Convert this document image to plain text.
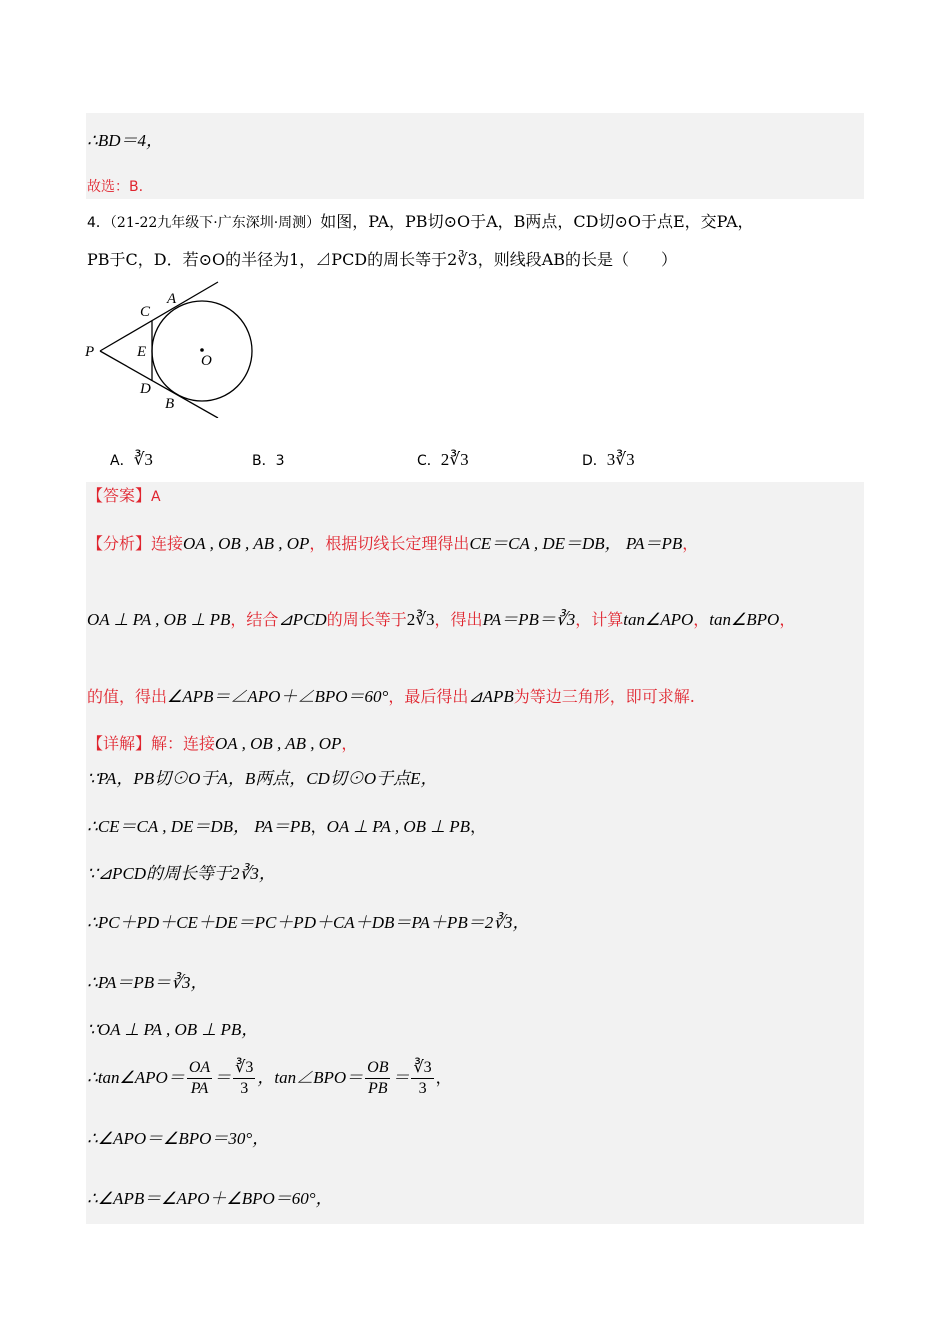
∴BD＝4，
故选：B.
4．（21-22九年级下·广东深圳·周测）如图，PA，PB切⊙O于A，B两点，CD切⊙O于点E，交PA，
PB于C，D．若⊙O的半径为1，⊿PCD的周长等于2∛3，则线段AB的长是（　　）
P
A
C
E
O
D
B
A．∛3	B．3	C．2∛3	D．3∛3
【答案】A
【分析】连接OA , OB , AB , OP，根据切线长定理得出CE＝CA , DE＝DB， PA＝PB，
OA ⊥ PA , OB ⊥ PB，结合⊿PCD的周长等于2∛3，得出PA＝PB＝∛3，计算tan∠APO，tan∠BPO，
的值，得出∠APB＝∠APO＋∠BPO＝60°，最后得出⊿APB为等边三角形，即可求解.
【详解】解：连接OA , OB , AB , OP，
∵PA，PB切⊙O于A，B两点，CD切⊙O于点E，
∴CE＝CA , DE＝DB， PA＝PB，OA ⊥ PA , OB ⊥ PB，
∵⊿PCD的周长等于2∛3，
∴PC＋PD＋CE＋DE＝PC＋PD＋CA＋DB＝PA＋PB＝2∛3，
∴PA＝PB＝∛3，
∵OA ⊥ PA , OB ⊥ PB，
∴tan∠APO＝ $\frac{OA}{PA} = \frac{∛3}{3}$ ，tan∠BPO＝ $\frac{OB}{PB} = \frac{∛3}{3}$ ，
∴∠APO＝∠BPO＝30°，
∴∠APB＝∠APO＋∠BPO＝60°，
